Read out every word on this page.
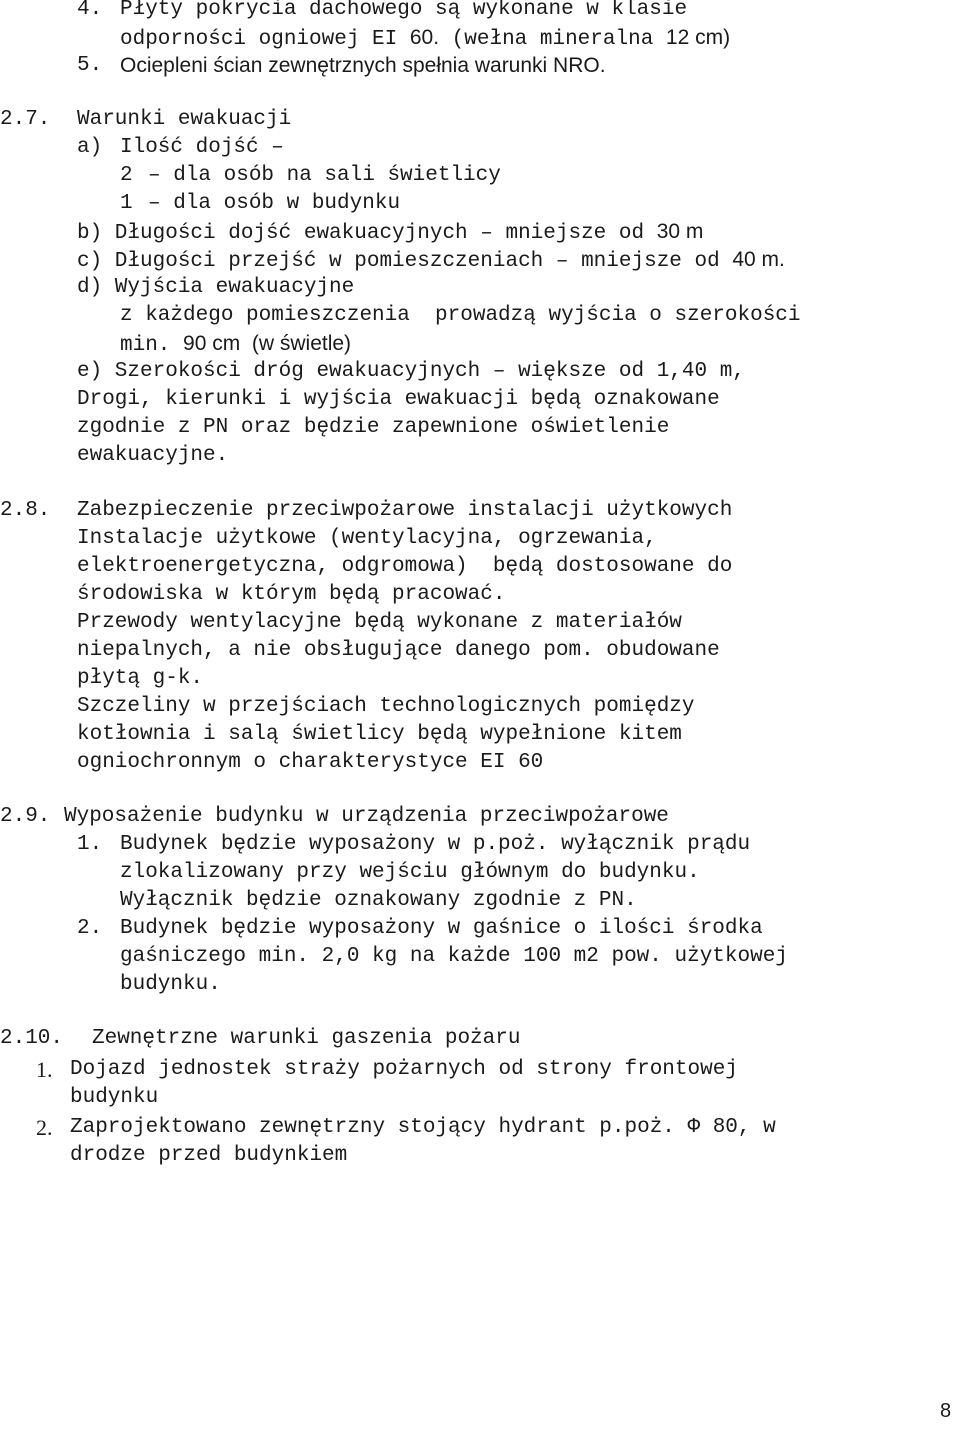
4. Płyty pokrycia dachowego są wykonane w klasie
odporności ogniowej EI 60. (wełna mineralna 12 cm)
5. Ociepleni ścian zewnętrznych spełnia warunki NRO.
2.7. Warunki ewakuacji
a) Ilość dojść –
2 – dla osób na sali świetlicy
1 – dla osób w budynku
b) Długości dojść ewakuacyjnych – mniejsze od 30 m
c) Długości przejść w pomieszczeniach – mniejsze od 40 m.
d) Wyjścia ewakuacyjne
z każdego pomieszczenia  prowadzą wyjścia o szerokości
min. 90 cm  (w świetle)
e) Szerokości dróg ewakuacyjnych – większe od 1,40 m,
Drogi, kierunki i wyjścia ewakuacji będą oznakowane
zgodnie z PN oraz będzie zapewnione oświetlenie
ewakuacyjne.
2.8. Zabezpieczenie przeciwpożarowe instalacji użytkowych
Instalacje użytkowe (wentylacyjna, ogrzewania,
elektroenergetyczna, odgromowa)  będą dostosowane do
środowiska w którym będą pracować.
Przewody wentylacyjne będą wykonane z materiałów
niepalnych, a nie obsługujące danego pom. obudowane
płytą g-k.
Szczeliny w przejściach technologicznych pomiędzy
kotłownia i salą świetlicy będą wypełnione kitem
ogniochronnym o charakterystyce EI 60
2.9. Wyposażenie budynku w urządzenia przeciwpożarowe
1. Budynek będzie wyposażony w p.poż. wyłącznik prądu
zlokalizowany przy wejściu głównym do budynku.
Wyłącznik będzie oznakowany zgodnie z PN.
2. Budynek będzie wyposażony w gaśnice o ilości środka
gaśniczego min. 2,0 kg na każde 100 m2 pow. użytkowej
budynku.
2.10. Zewnętrzne warunki gaszenia pożaru
1. Dojazd jednostek straży pożarnych od strony frontowej
budynku
2. Zaprojektowano zewnętrzny stojący hydrant p.poż. Φ 80, w
drodze przed budynkiem
8
